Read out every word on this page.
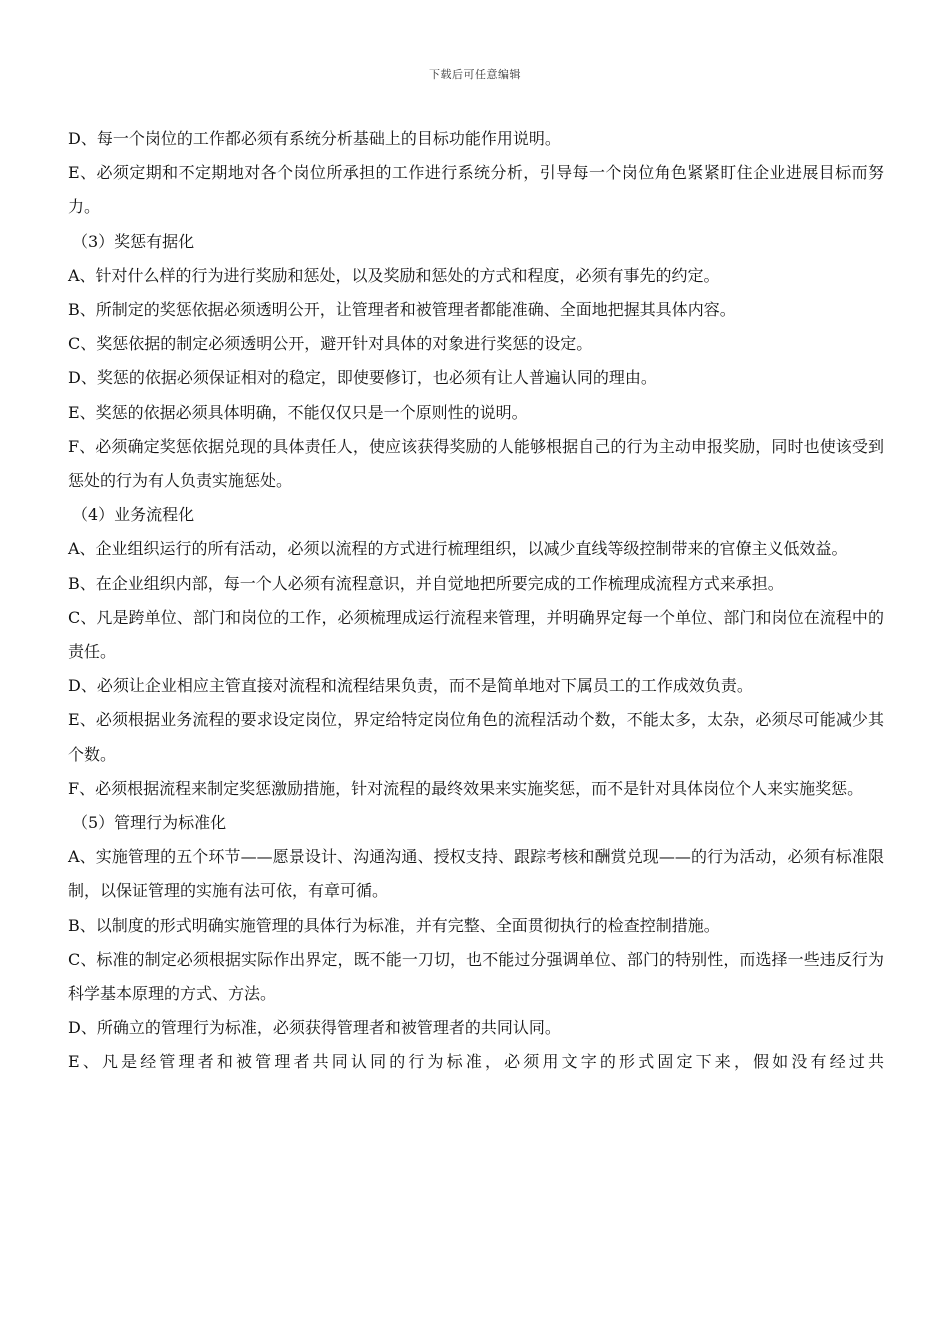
下载后可任意编辑

D、每一个岗位的工作都必须有系统分析基础上的目标功能作用说明。

E、必须定期和不定期地对各个岗位所承担的工作进行系统分析，引导每一个岗位角色紧紧盯住企业进展目标而努力。

（3）奖惩有据化

A、针对什么样的行为进行奖励和惩处，以及奖励和惩处的方式和程度，必须有事先的约定。

B、所制定的奖惩依据必须透明公开，让管理者和被管理者都能准确、全面地把握其具体内容。

C、奖惩依据的制定必须透明公开，避开针对具体的对象进行奖惩的设定。

D、奖惩的依据必须保证相对的稳定，即使要修订，也必须有让人普遍认同的理由。

E、奖惩的依据必须具体明确，不能仅仅只是一个原则性的说明。

F、必须确定奖惩依据兑现的具体责任人，使应该获得奖励的人能够根据自己的行为主动申报奖励，同时也使该受到惩处的行为有人负责实施惩处。

（4）业务流程化

A、企业组织运行的所有活动，必须以流程的方式进行梳理组织，以减少直线等级控制带来的官僚主义低效益。

B、在企业组织内部，每一个人必须有流程意识，并自觉地把所要完成的工作梳理成流程方式来承担。

C、凡是跨单位、部门和岗位的工作，必须梳理成运行流程来管理，并明确界定每一个单位、部门和岗位在流程中的责任。

D、必须让企业相应主管直接对流程和流程结果负责，而不是简单地对下属员工的工作成效负责。

E、必须根据业务流程的要求设定岗位，界定给特定岗位角色的流程活动个数，不能太多，太杂，必须尽可能减少其个数。

F、必须根据流程来制定奖惩激励措施，针对流程的最终效果来实施奖惩，而不是针对具体岗位个人来实施奖惩。

（5）管理行为标准化

A、实施管理的五个环节——愿景设计、沟通沟通、授权支持、跟踪考核和酬赏兑现——的行为活动，必须有标准限制，以保证管理的实施有法可依，有章可循。

B、以制度的形式明确实施管理的具体行为标准，并有完整、全面贯彻执行的检查控制措施。

C、标准的制定必须根据实际作出界定，既不能一刀切，也不能过分强调单位、部门的特别性，而选择一些违反行为科学基本原理的方式、方法。

D、所确立的管理行为标准，必须获得管理者和被管理者的共同认同。

E、凡是经管理者和被管理者共同认同的行为标准，必须用文字的形式固定下来，假如没有经过共
